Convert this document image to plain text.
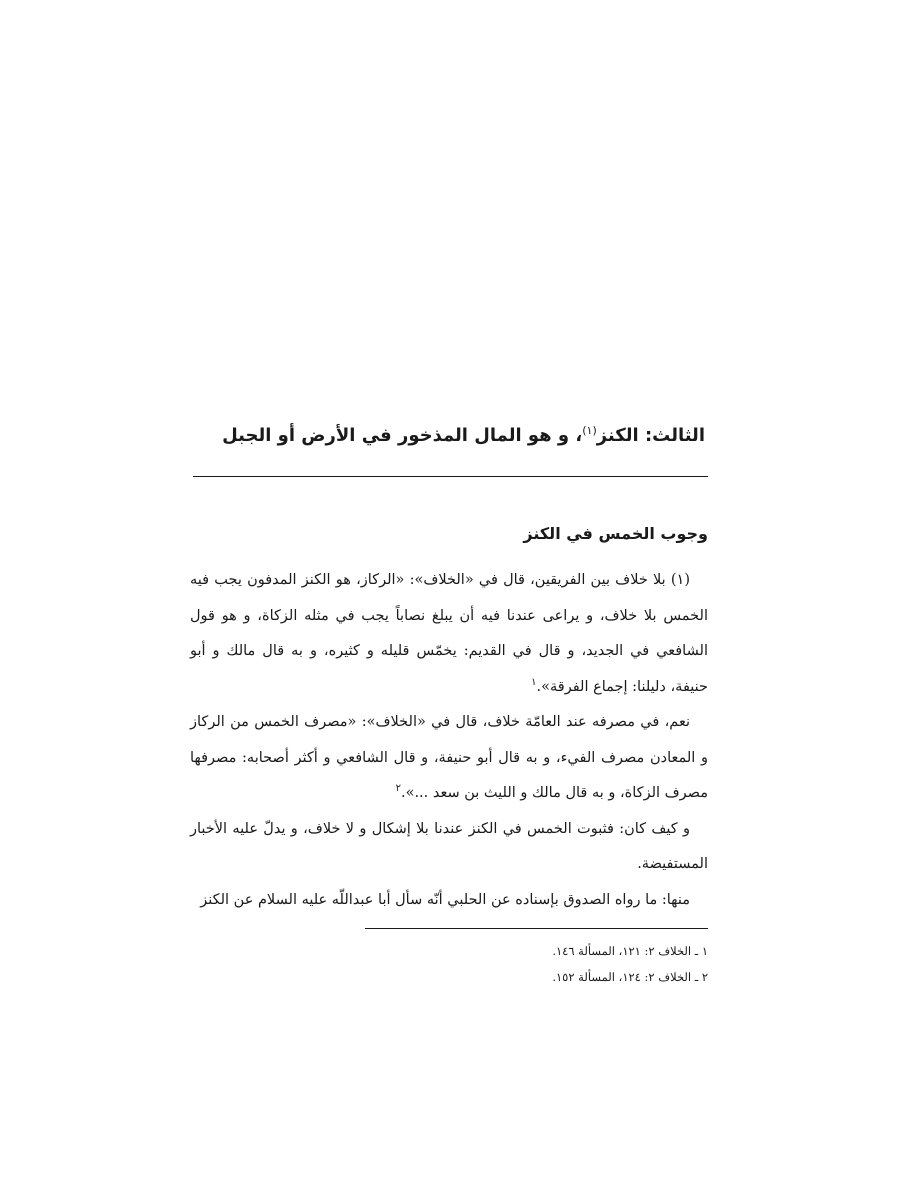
الثالث: الكنز$^{(١)}$، و هو المال المذخور في الأرض أو الجبل
وجوب الخمس في الكنز

(١) بلا خلاف بين الفريقين، قال في «الخلاف»: «الركاز، هو الكنز المدفون يجب فيه الخمس بلا خلاف، و يراعى عندنا فيه أن يبلغ نصاباً يجب في مثله الزكاة، و هو قول الشافعي في الجديد، و قال في القديم: يخمّس قليله و كثيره، و به قال مالك و أبو حنيفة، دليلنا: إجماع الفرقة».$^١$

نعم، في مصرفه عند العامّة خلاف، قال في «الخلاف»: «مصرف الخمس من الركاز و المعادن مصرف الفيء، و به قال أبو حنيفة، و قال الشافعي و أكثر أصحابه: مصرفها مصرف الزكاة، و به قال مالك و الليث بن سعد ...».$^٢$

و كيف كان: فثبوت الخمس في الكنز عندنا بلا إشكال و لا خلاف، و يدلّ عليه الأخبار المستفيضة.

منها: ما رواه الصدوق بإسناده عن الحلبي أنّه سأل أبا عبداللّه عليه السلام عن الكنز

١ ـ الخلاف ٢: ١٢١، المسألة ١٤٦.
٢ ـ الخلاف ٢: ١٢٤، المسألة ١٥٢.
